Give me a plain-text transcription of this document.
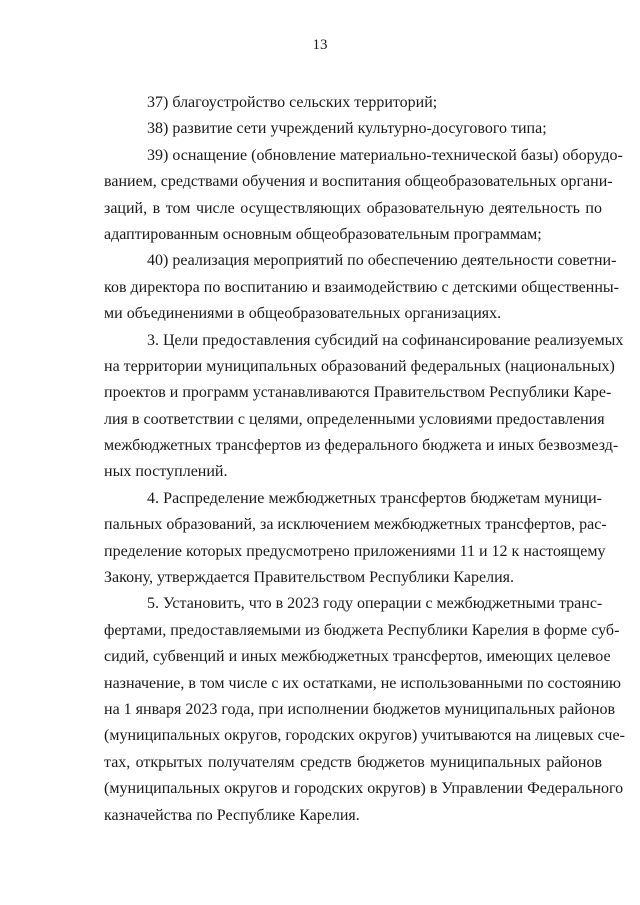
13
37) благоустройство сельских территорий;
38) развитие сети учреждений культурно-досугового типа;
39) оснащение (обновление материально-технической базы) оборудо-
ванием, средствами обучения и воспитания общеобразовательных органи-
заций, в том числе осуществляющих образовательную деятельность по
адаптированным основным общеобразовательным программам;
40) реализация мероприятий по обеспечению деятельности советни-
ков директора по воспитанию и взаимодействию с детскими общественны-
ми объединениями в общеобразовательных организациях.
3. Цели предоставления субсидий на софинансирование реализуемых
на территории муниципальных образований федеральных (национальных)
проектов и программ устанавливаются Правительством Республики Каре-
лия в соответствии с целями, определенными условиями предоставления
межбюджетных трансфертов из федерального бюджета и иных безвозмезд-
ных поступлений.
4. Распределение межбюджетных трансфертов бюджетам муници-
пальных образований, за исключением межбюджетных трансфертов, рас-
пределение которых предусмотрено приложениями 11 и 12 к настоящему
Закону, утверждается Правительством Республики Карелия.
5. Установить, что в 2023 году операции с межбюджетными транс-
фертами, предоставляемыми из бюджета Республики Карелия в форме суб-
сидий, субвенций и иных межбюджетных трансфертов, имеющих целевое
назначение, в том числе с их остатками, не использованными по состоянию
на 1 января 2023 года, при исполнении бюджетов муниципальных районов
(муниципальных округов, городских округов) учитываются на лицевых сче-
тах, открытых получателям средств бюджетов муниципальных районов
(муниципальных округов и городских округов) в Управлении Федерального
казначейства по Республике Карелия.
